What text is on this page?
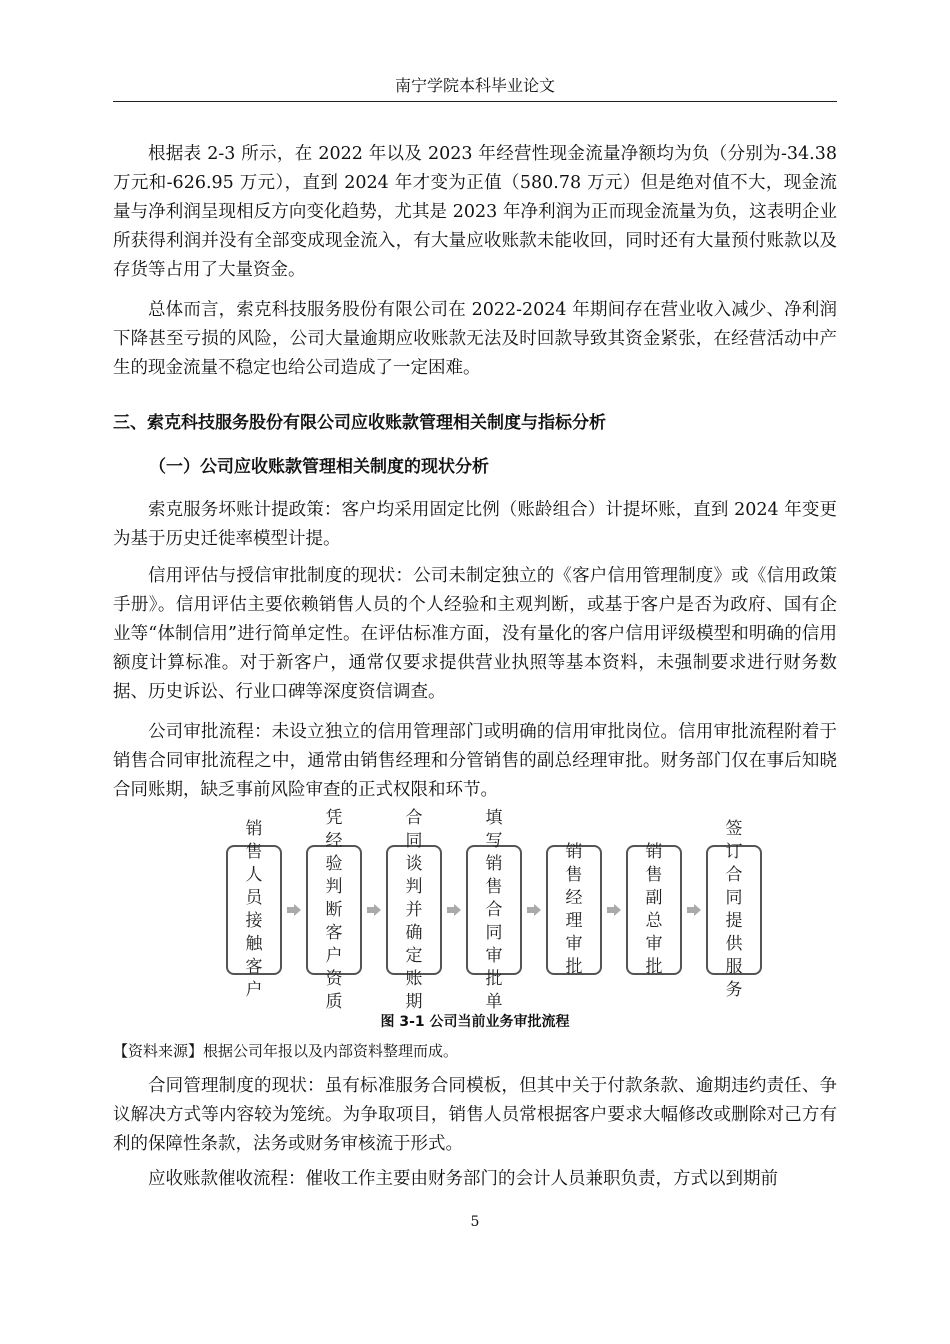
南宁学院本科毕业论文

根据表 2-3 所示，在 2022 年以及 2023 年经营性现金流量净额均为负（分别为-34.38 万元和-626.95 万元），直到 2024 年才变为正值（580.78 万元）但是绝对值不大，现金流量与净利润呈现相反方向变化趋势，尤其是 2023 年净利润为正而现金流量为负，这表明企业所获得利润并没有全部变成现金流入，有大量应收账款未能收回，同时还有大量预付账款以及存货等占用了大量资金。

总体而言，索克科技服务股份有限公司在 2022-2024 年期间存在营业收入减少、净利润下降甚至亏损的风险，公司大量逾期应收账款无法及时回款导致其资金紧张，在经营活动中产生的现金流量不稳定也给公司造成了一定困难。

三、索克科技服务股份有限公司应收账款管理相关制度与指标分析
（一）公司应收账款管理相关制度的现状分析

索克服务坏账计提政策：客户均采用固定比例（账龄组合）计提坏账，直到 2024 年变更为基于历史迁徙率模型计提。

信用评估与授信审批制度的现状：公司未制定独立的《客户信用管理制度》或《信用政策手册》。信用评估主要依赖销售人员的个人经验和主观判断，或基于客户是否为政府、国有企业等“体制信用”进行简单定性。在评估标准方面，没有量化的客户信用评级模型和明确的信用额度计算标准。对于新客户，通常仅要求提供营业执照等基本资料，未强制要求进行财务数据、历史诉讼、行业口碑等深度资信调查。

公司审批流程：未设立独立的信用管理部门或明确的信用审批岗位。信用审批流程附着于销售合同审批流程之中，通常由销售经理和分管销售的副总经理审批。财务部门仅在事后知晓合同账期，缺乏事前风险审查的正式权限和环节。

销售人员接触客户
凭经验判断客户资质
合同谈判并确定账期
填写销售合同审批单
销售经理审批
销售副总审批
签订合同提供服务
图 3-1 公司当前业务审批流程
【资料来源】根据公司年报以及内部资料整理而成。

合同管理制度的现状：虽有标准服务合同模板，但其中关于付款条款、逾期违约责任、争议解决方式等内容较为笼统。为争取项目，销售人员常根据客户要求大幅修改或删除对己方有利的保障性条款，法务或财务审核流于形式。

应收账款催收流程：催收工作主要由财务部门的会计人员兼职负责，方式以到期前

5
